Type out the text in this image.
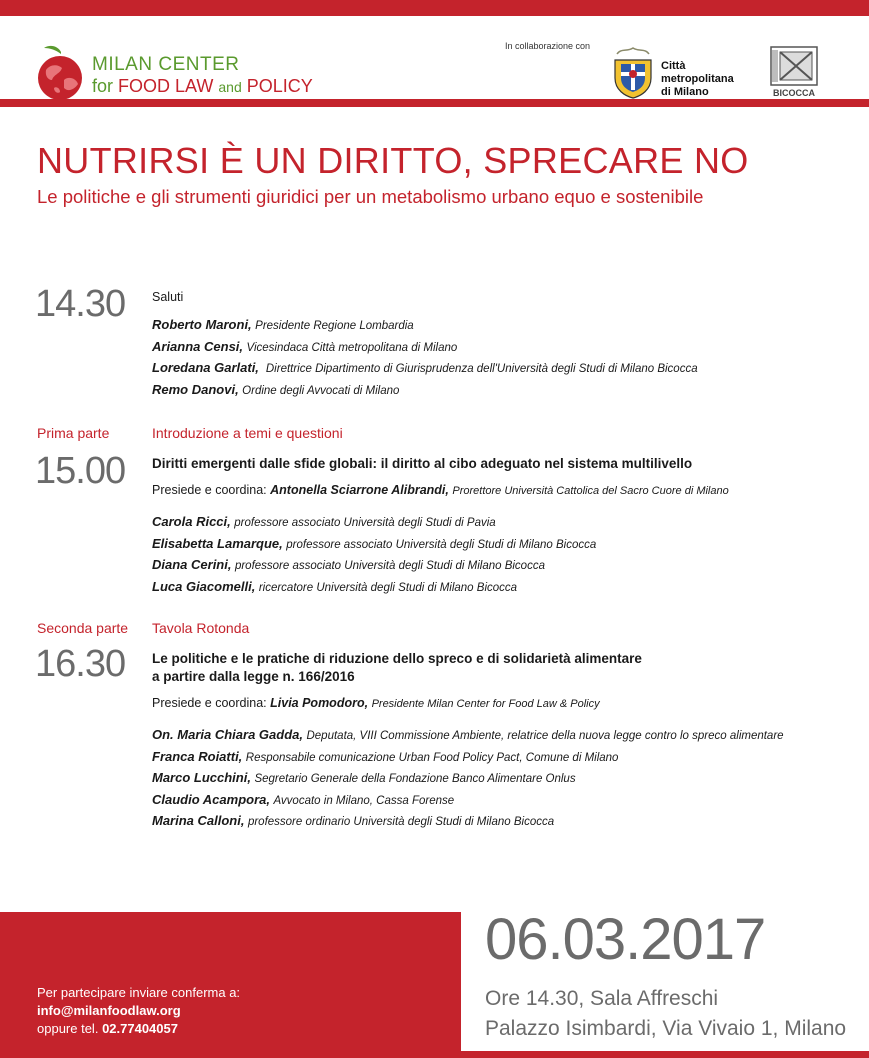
MILAN CENTER
for FOOD LAW and POLICY
In collaborazione con
Città
metropolitana
di Milano	BICOCCA
NUTRIRSI È UN DIRITTO, SPRECARE NO
Le politiche e gli strumenti giuridici per un metabolismo urbano equo e sostenibile
14.30 Saluti
Roberto Maroni, Presidente Regione Lombardia
Arianna Censi, Vicesindaca Città metropolitana di Milano
Loredana Garlati, Direttrice Dipartimento di Giurisprudenza dell'Università degli Studi di Milano Bicocca
Remo Danovi, Ordine degli Avvocati di Milano
Prima parte	Introduzione a temi e questioni
15.00 Diritti emergenti dalle sfide globali: il diritto al cibo adeguato nel sistema multilivello
Presiede e coordina: Antonella Sciarrone Alibrandi, Prorettore Università Cattolica del Sacro Cuore di Milano
Carola Ricci, professore associato Università degli Studi di Pavia
Elisabetta Lamarque, professore associato Università degli Studi di Milano Bicocca
Diana Cerini, professore associato Università degli Studi di Milano Bicocca
Luca Giacomelli, ricercatore Università degli Studi di Milano Bicocca
Seconda parte Tavola Rotonda
16.30 Le politiche e le pratiche di riduzione dello spreco e di solidarietà alimentare
a partire dalla legge n. 166/2016
Presiede e coordina: Livia Pomodoro, Presidente Milan Center for Food Law & Policy
On. Maria Chiara Gadda, Deputata, VIII Commissione Ambiente, relatrice della nuova legge contro lo spreco alimentare
Franca Roiatti, Responsabile comunicazione Urban Food Policy Pact, Comune di Milano
Marco Lucchini, Segretario Generale della Fondazione Banco Alimentare Onlus
Claudio Acampora, Avvocato in Milano, Cassa Forense
Marina Calloni, professore ordinario Università degli Studi di Milano Bicocca
Per partecipare inviare conferma a:
info@milanfoodlaw.org
oppure tel. 02.77404057
06.03.2017
Ore 14.30, Sala Affreschi
Palazzo Isimbardi, Via Vivaio 1, Milano
